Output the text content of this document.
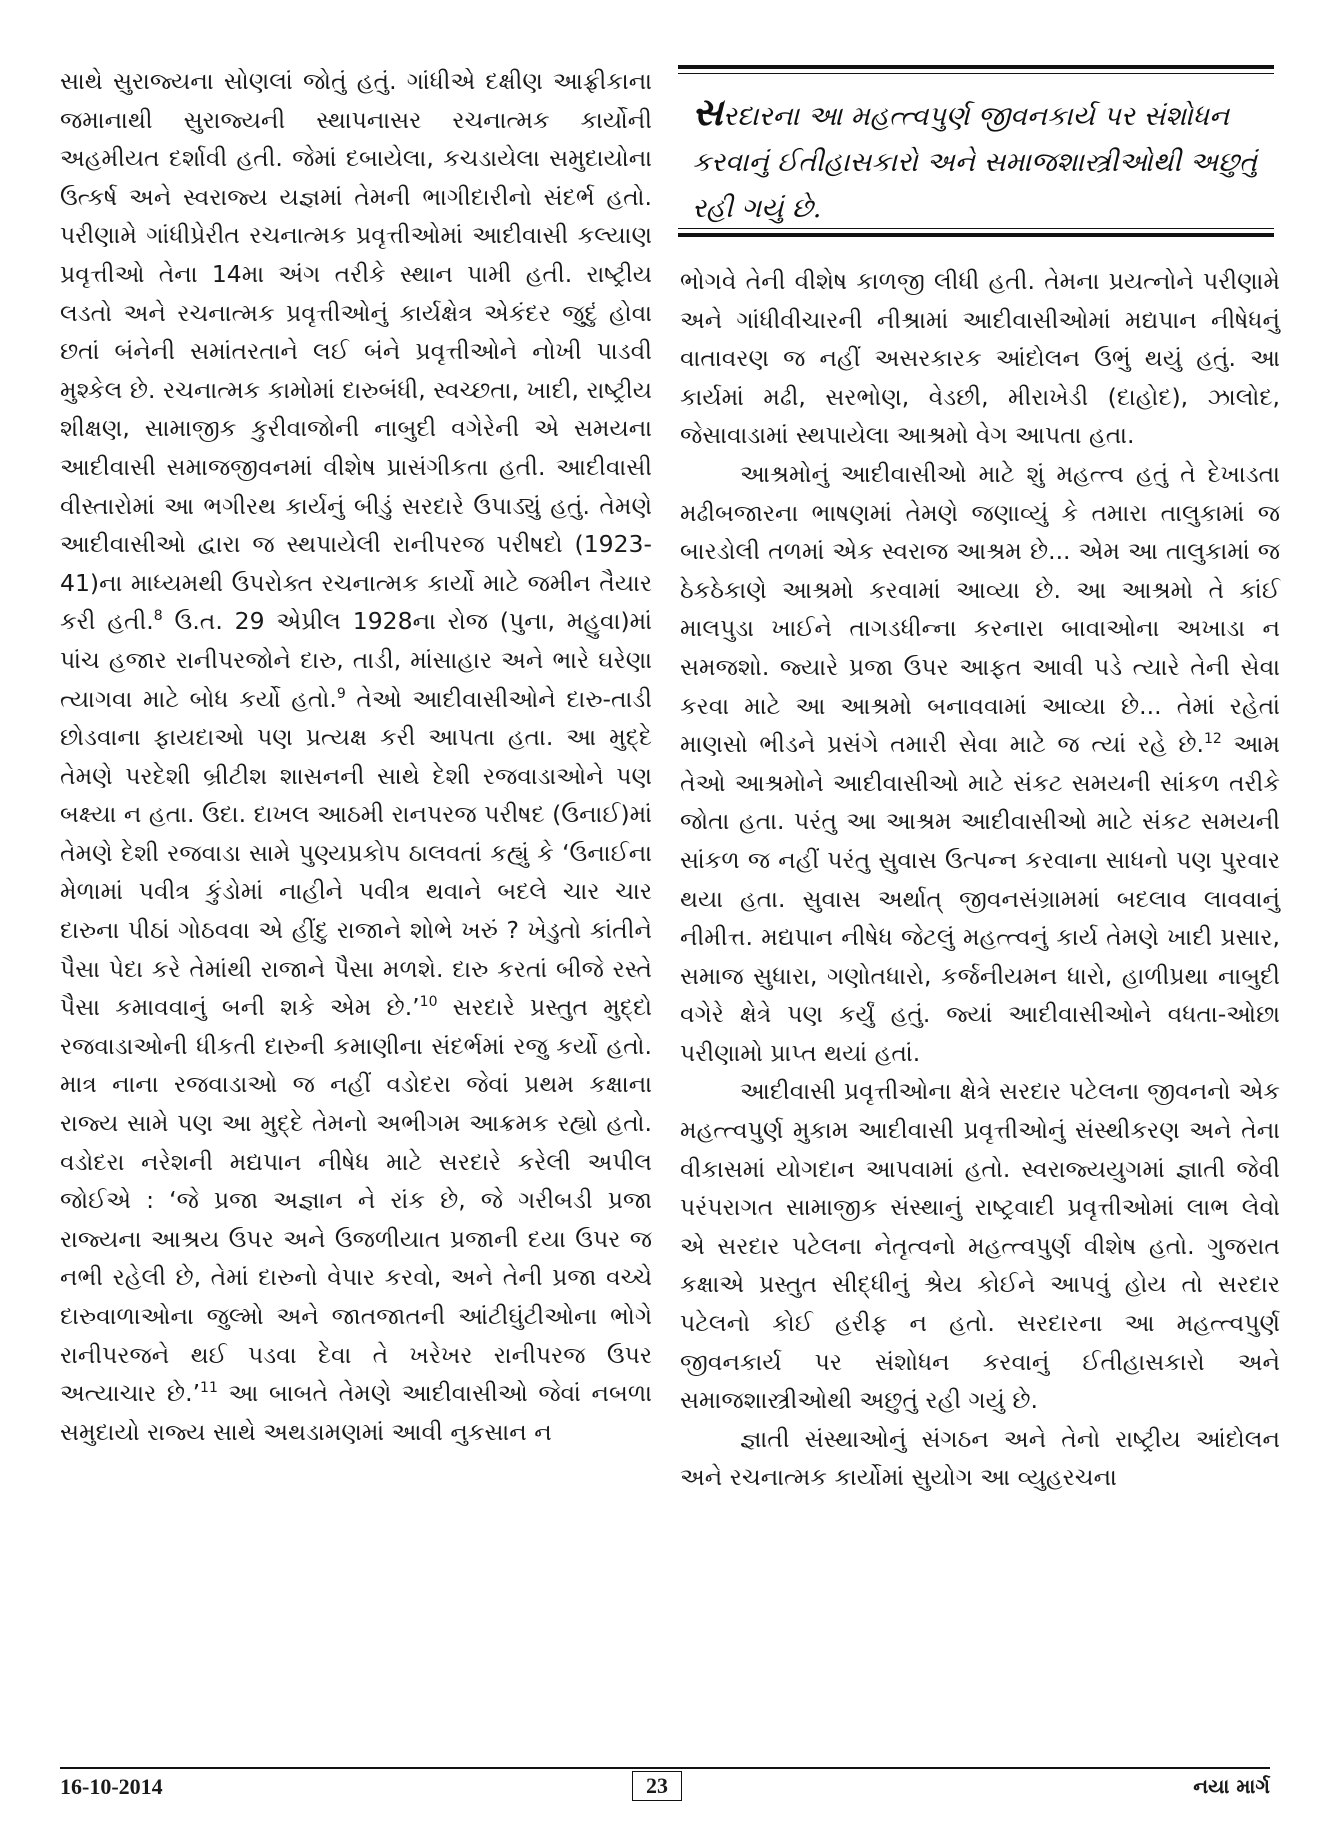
સાથે સુરાજ્યના સોણલાં જોતું હતું. ગાંધીએ દક્ષીણ આફ્રીકાના જમાનાથી સુરાજ્યની સ્થાપનાસર રચનાત્મક કાર્યોની અહમીયત દર્શાવી હતી. જેમાં દબાયેલા, કચડાયેલા સમુદાયોના ઉત્કર્ષ અને સ્વરાજ્ય યજ્ઞમાં તેમની ભાગીદારીનો સંદર્ભ હતો. પરીણામે ગાંધીપ્રેરીત રચનાત્મક પ્રવૃત્તીઓમાં આદીવાસી કલ્યાણ પ્રવૃત્તીઓ તેના 14મા અંગ તરીકે સ્થાન પામી હતી. રાષ્ટ્રીય લડતો અને રચનાત્મક પ્રવૃત્તીઓનું કાર્યક્ષેત્ર એકંદર જુદું હોવા છતાં બંનેની સમાંતરતાને લઈ બંને પ્રવૃત્તીઓને નોખી પાડવી મુશ્કેલ છે. રચનાત્મક કામોમાં દારુબંધી, સ્વચ્છતા, ખાદી, રાષ્ટ્રીય શીક્ષણ, સામાજીક કુરીવાજોની નાબુદી વગેરેની એ સમયના આદીવાસી સમાજજીવનમાં વીશેષ પ્રાસંગીકતા હતી. આદીવાસી વીસ્તારોમાં આ ભગીરથ કાર્યનું બીડું સરદારે ઉપાડ્યું હતું. તેમણે આદીવાસીઓ દ્વારા જ સ્થપાયેલી રાનીપરજ પરીષદો (1923-41)ના માધ્યમથી ઉપરોક્ત રચનાત્મક કાર્યો માટે જમીન તૈયાર કરી હતી.$^8$ ઉ.ત. 29 એપ્રીલ 1928ના રોજ (પુના, મહુવા)માં પાંચ હજાર રાનીપરજોને દારુ, તાડી, માંસાહાર અને ભારે ઘરેણા ત્યાગવા માટે બોધ કર્યો હતો.$^9$ તેઓ આદીવાસીઓને દારુ-તાડી છોડવાના ફાયદાઓ પણ પ્રત્યક્ષ કરી આપતા હતા. આ મુદ્દે તેમણે પરદેશી બ્રીટીશ શાસનની સાથે દેશી રજવાડાઓને પણ બક્ષ્યા ન હતા. ઉદા. દાખલ આઠમી રાનપરજ પરીષદ (ઉનાઈ)માં તેમણે દેશી રજવાડા સામે પુણ્યપ્રકોપ ઠાલવતાં કહ્યું કે ‘ઉનાઈના મેળામાં પવીત્ર કુંડોમાં નાહીને પવીત્ર થવાને બદલે ચાર ચાર દારુના પીઠાં ગોઠવવા એ હીંદુ રાજાને શોભે ખરું ? ખેડુતો કાંતીને પૈસા પેદા કરે તેમાંથી રાજાને પૈસા મળશે. દારુ કરતાં બીજે રસ્તે પૈસા કમાવવાનું બની શકે એમ છે.’$^{10}$ સરદારે પ્રસ્તુત મુદ્દો રજવાડાઓની ધીકતી દારુની કમાણીના સંદર્ભમાં રજુ કર્યો હતો. માત્ર નાના રજવાડાઓ જ નહીં વડોદરા જેવાં પ્રથમ કક્ષાના રાજ્ય સામે પણ આ મુદ્દે તેમનો અભીગમ આક્રમક રહ્યો હતો. વડોદરા નરેશની મદ્યપાન નીષેધ માટે સરદારે કરેલી અપીલ જોઈએ : ‘જે પ્રજા અજ્ઞાન ને રાંક છે, જે ગરીબડી પ્રજા રાજ્યના આશ્રય ઉપર અને ઉજળીયાત પ્રજાની દયા ઉપર જ નભી રહેલી છે, તેમાં દારુનો વેપાર કરવો, અને તેની પ્રજા વચ્ચે દારુવાળાઓના જુલ્મો અને જાતજાતની આંટીઘુંટીઓના ભોગે રાનીપરજને થઈ પડવા દેવા તે ખરેખર રાનીપરજ ઉપર અત્યાચાર છે.’$^{11}$ આ બાબતે તેમણે આદીવાસીઓ જેવાં નબળા સમુદાયો રાજ્ય સાથે અથડામણમાં આવી નુકસાન ન

સરદારના આ મહત્ત્વપુર્ણ જીવનકાર્ય પર સંશોધન કરવાનું ઈતીહાસકારો અને સમાજશાસ્ત્રીઓથી અછુતું રહી ગયું છે.

ભોગવે તેની વીશેષ કાળજી લીધી હતી. તેમના પ્રયત્નોને પરીણામે અને ગાંધીવીચારની નીશ્રામાં આદીવાસીઓમાં મદ્યપાન નીષેધનું વાતાવરણ જ નહીં અસરકારક આંદોલન ઉભું થયું હતું. આ કાર્યમાં મઢી, સરભોણ, વેડછી, મીરાખેડી (દાહોદ), ઝાલોદ, જેસાવાડામાં સ્થપાયેલા આશ્રમો વેગ આપતા હતા.

આશ્રમોનું આદીવાસીઓ માટે શું મહત્ત્વ હતું તે દેખાડતા મઢીબજારના ભાષણમાં તેમણે જણાવ્યું કે તમારા તાલુકામાં જ બારડોલી તળમાં એક સ્વરાજ આશ્રમ છે... એમ આ તાલુકામાં જ ઠેકઠેકાણે આશ્રમો કરવામાં આવ્યા છે. આ આશ્રમો તે કાંઈ માલપુડા ખાઈને તાગડધીન્ના કરનારા બાવાઓના અખાડા ન સમજશો. જ્યારે પ્રજા ઉપર આફત આવી પડે ત્યારે તેની સેવા કરવા માટે આ આશ્રમો બનાવવામાં આવ્યા છે... તેમાં રહેતાં માણસો ભીડને પ્રસંગે તમારી સેવા માટે જ ત્યાં રહે છે.$^{12}$ આમ તેઓ આશ્રમોને આદીવાસીઓ માટે સંકટ સમયની સાંકળ તરીકે જોતા હતા. પરંતુ આ આશ્રમ આદીવાસીઓ માટે સંકટ સમયની સાંકળ જ નહીં પરંતુ સુવાસ ઉત્પન્ન કરવાના સાધનો પણ પુરવાર થયા હતા. સુવાસ અર્થાત્ જીવનસંગ્રામમાં બદલાવ લાવવાનું નીમીત્ત. મદ્યપાન નીષેધ જેટલું મહત્ત્વનું કાર્ય તેમણે ખાદી પ્રસાર, સમાજ સુધારા, ગણોતધારો, કર્જનીયમન ધારો, હાળીપ્રથા નાબુદી વગેરે ક્ષેત્રે પણ કર્યું હતું. જ્યાં આદીવાસીઓને વધતા-ઓછા પરીણામો પ્રાપ્ત થયાં હતાં.

આદીવાસી પ્રવૃત્તીઓના ક્ષેત્રે સરદાર પટેલના જીવનનો એક મહત્ત્વપુર્ણ મુકામ આદીવાસી પ્રવૃત્તીઓનું સંસ્થીકરણ અને તેના વીકાસમાં યોગદાન આપવામાં હતો. સ્વરાજ્યયુગમાં જ્ઞાતી જેવી પરંપરાગત સામાજીક સંસ્થાનું રાષ્ટ્રવાદી પ્રવૃત્તીઓમાં લાભ લેવો એ સરદાર પટેલના નેતૃત્વનો મહત્ત્વપુર્ણ વીશેષ હતો. ગુજરાત કક્ષાએ પ્રસ્તુત સીદ્ધીનું શ્રેય કોઈને આપવું હોય તો સરદાર પટેલનો કોઈ હરીફ ન હતો. સરદારના આ મહત્ત્વપુર્ણ જીવનકાર્ય પર સંશોધન કરવાનું ઈતીહાસકારો અને સમાજશાસ્ત્રીઓથી અછુતું રહી ગયું છે.

જ્ઞાતી સંસ્થાઓનું સંગઠન અને તેનો રાષ્ટ્રીય આંદોલન અને રચનાત્મક કાર્યોમાં સુયોગ આ વ્યુહરચના

16-10-2014	23	નયા માર્ગ
